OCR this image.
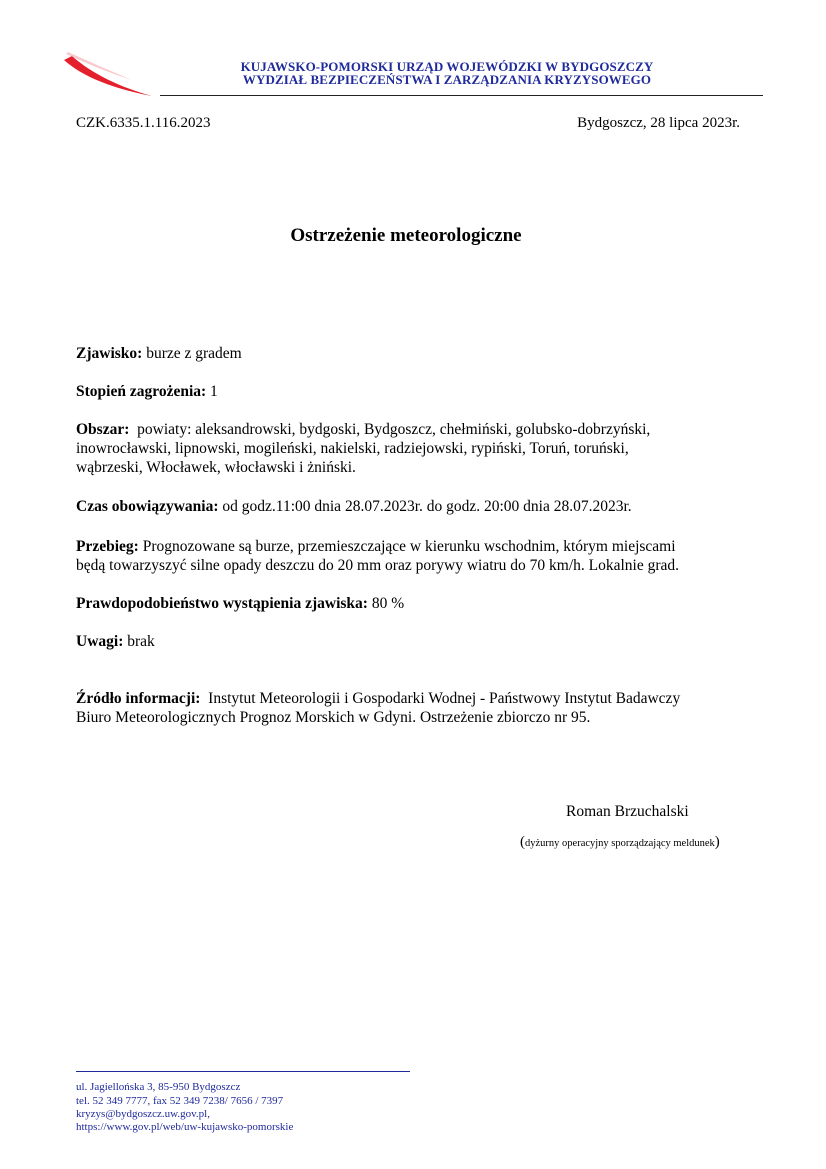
KUJAWSKO-POMORSKI URZĄD WOJEWÓDZKI W BYDGOSZCZY
WYDZIAŁ BEZPIECZEŃSTWA I ZARZĄDZANIA KRYZYSOWEGO
CZK.6335.1.116.2023	Bydgoszcz, 28 lipca 2023r.
Ostrzeżenie meteorologiczne
Zjawisko: burze z gradem
Stopień zagrożenia: 1
Obszar:  powiaty: aleksandrowski, bydgoski, Bydgoszcz, chełmiński, golubsko-dobrzyński,
inowrocławski, lipnowski, mogileński, nakielski, radziejowski, rypiński, Toruń, toruński,
wąbrzeski, Włocławek, włocławski i żniński.
Czas obowiązywania: od godz.11:00 dnia 28.07.2023r. do godz. 20:00 dnia 28.07.2023r.
Przebieg: Prognozowane są burze, przemieszczające w kierunku wschodnim, którym miejscami
będą towarzyszyć silne opady deszczu do 20 mm oraz porywy wiatru do 70 km/h. Lokalnie grad.
Prawdopodobieństwo wystąpienia zjawiska: 80 %
Uwagi: brak
Źródło informacji:  Instytut Meteorologii i Gospodarki Wodnej - Państwowy Instytut Badawczy
Biuro Meteorologicznych Prognoz Morskich w Gdyni. Ostrzeżenie zbiorczo nr 95.
Roman Brzuchalski
(dyżurny operacyjny sporządzający meldunek)
ul. Jagiellońska 3, 85-950 Bydgoszcz
tel. 52 349 7777, fax 52 349 7238/ 7656 / 7397
kryzys@bydgoszcz.uw.gov.pl,
https://www.gov.pl/web/uw-kujawsko-pomorskie
